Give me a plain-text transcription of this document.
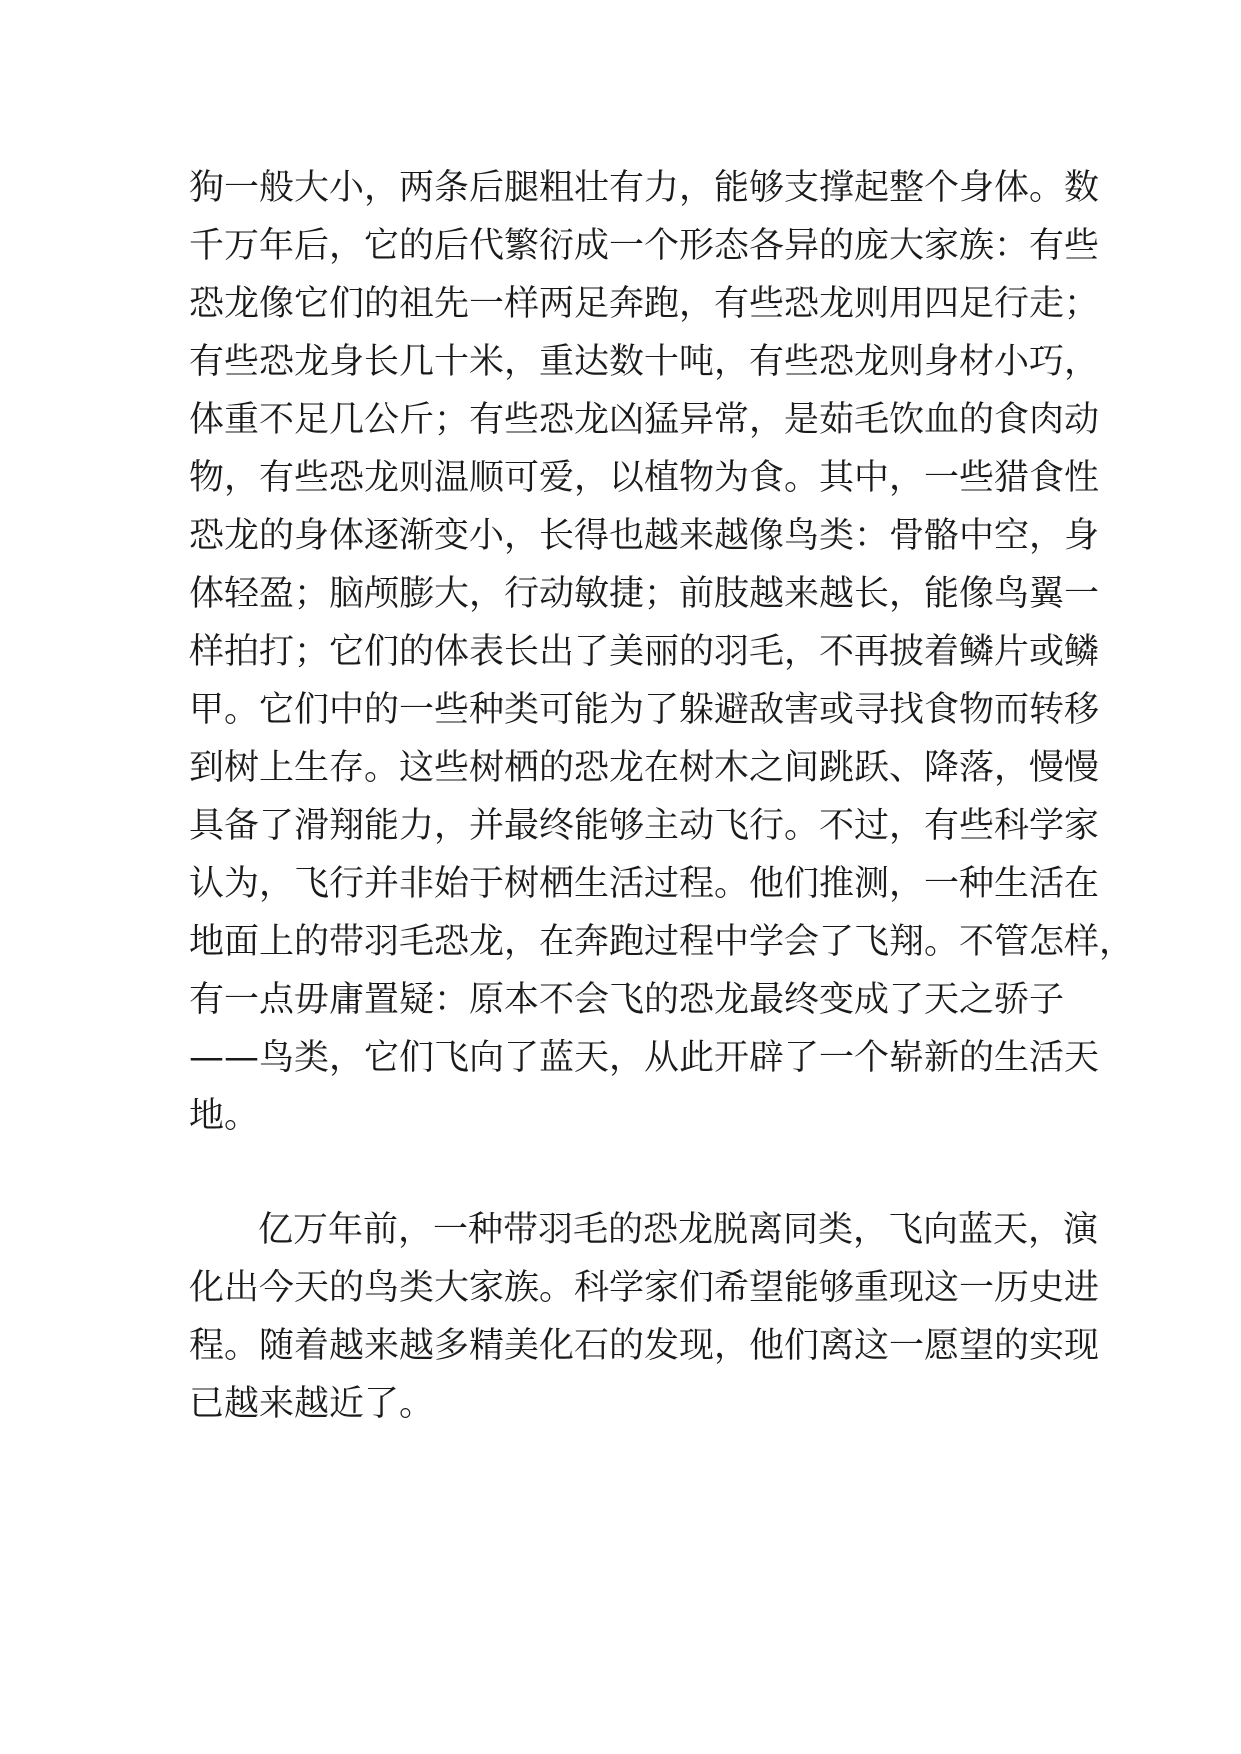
狗一般大小，两条后腿粗壮有力，能够支撑起整个身体。数
千万年后，它的后代繁衍成一个形态各异的庞大家族：有些
恐龙像它们的祖先一样两足奔跑，有些恐龙则用四足行走；
有些恐龙身长几十米，重达数十吨，有些恐龙则身材小巧，
体重不足几公斤；有些恐龙凶猛异常，是茹毛饮血的食肉动
物，有些恐龙则温顺可爱，以植物为食。其中，一些猎食性
恐龙的身体逐渐变小，长得也越来越像鸟类：骨骼中空，身
体轻盈；脑颅膨大，行动敏捷；前肢越来越长，能像鸟翼一
样拍打；它们的体表长出了美丽的羽毛，不再披着鳞片或鳞
甲。它们中的一些种类可能为了躲避敌害或寻找食物而转移
到树上生存。这些树栖的恐龙在树木之间跳跃、降落，慢慢
具备了滑翔能力，并最终能够主动飞行。不过，有些科学家
认为，飞行并非始于树栖生活过程。他们推测，一种生活在
地面上的带羽毛恐龙，在奔跑过程中学会了飞翔。不管怎样，
有一点毋庸置疑：原本不会飞的恐龙最终变成了天之骄子
——鸟类，它们飞向了蓝天，从此开辟了一个崭新的生活天
地。
亿万年前，一种带羽毛的恐龙脱离同类，飞向蓝天，演
化出今天的鸟类大家族。科学家们希望能够重现这一历史进
程。随着越来越多精美化石的发现，他们离这一愿望的实现
已越来越近了。
